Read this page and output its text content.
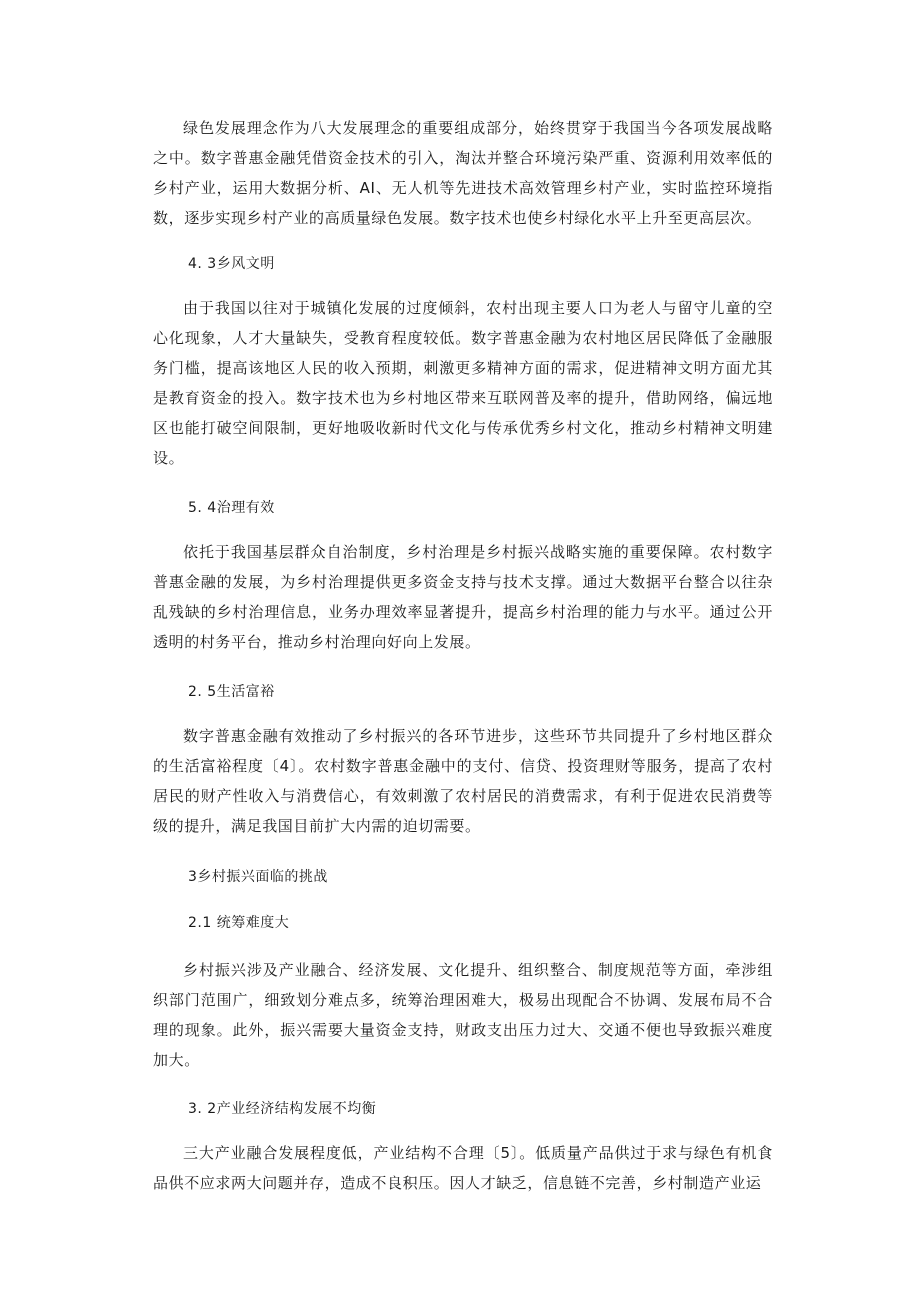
绿色发展理念作为八大发展理念的重要组成部分，始终贯穿于我国当今各项发展战略之中。数字普惠金融凭借资金技术的引入，淘汰并整合环境污染严重、资源利用效率低的乡村产业，运用大数据分析、AI、无人机等先进技术高效管理乡村产业，实时监控环境指数，逐步实现乡村产业的高质量绿色发展。数字技术也使乡村绿化水平上升至更高层次。

4. 3乡风文明

由于我国以往对于城镇化发展的过度倾斜，农村出现主要人口为老人与留守儿童的空心化现象，人才大量缺失，受教育程度较低。数字普惠金融为农村地区居民降低了金融服务门槛，提高该地区人民的收入预期，刺激更多精神方面的需求，促进精神文明方面尤其是教育资金的投入。数字技术也为乡村地区带来互联网普及率的提升，借助网络，偏远地区也能打破空间限制，更好地吸收新时代文化与传承优秀乡村文化，推动乡村精神文明建设。

5. 4治理有效

依托于我国基层群众自治制度，乡村治理是乡村振兴战略实施的重要保障。农村数字普惠金融的发展，为乡村治理提供更多资金支持与技术支撑。通过大数据平台整合以往杂乱残缺的乡村治理信息，业务办理效率显著提升，提高乡村治理的能力与水平。通过公开透明的村务平台，推动乡村治理向好向上发展。

2. 5生活富裕

数字普惠金融有效推动了乡村振兴的各环节进步，这些环节共同提升了乡村地区群众的生活富裕程度〔4〕。农村数字普惠金融中的支付、信贷、投资理财等服务，提高了农村居民的财产性收入与消费信心，有效刺激了农村居民的消费需求，有利于促进农民消费等级的提升，满足我国目前扩大内需的迫切需要。

3乡村振兴面临的挑战

2.1 统筹难度大

乡村振兴涉及产业融合、经济发展、文化提升、组织整合、制度规范等方面，牵涉组织部门范围广，细致划分难点多，统筹治理困难大，极易出现配合不协调、发展布局不合理的现象。此外，振兴需要大量资金支持，财政支出压力过大、交通不便也导致振兴难度加大。

3. 2产业经济结构发展不均衡

三大产业融合发展程度低，产业结构不合理〔5〕。低质量产品供过于求与绿色有机食品供不应求两大问题并存，造成不良积压。因人才缺乏，信息链不完善，乡村制造产业运
